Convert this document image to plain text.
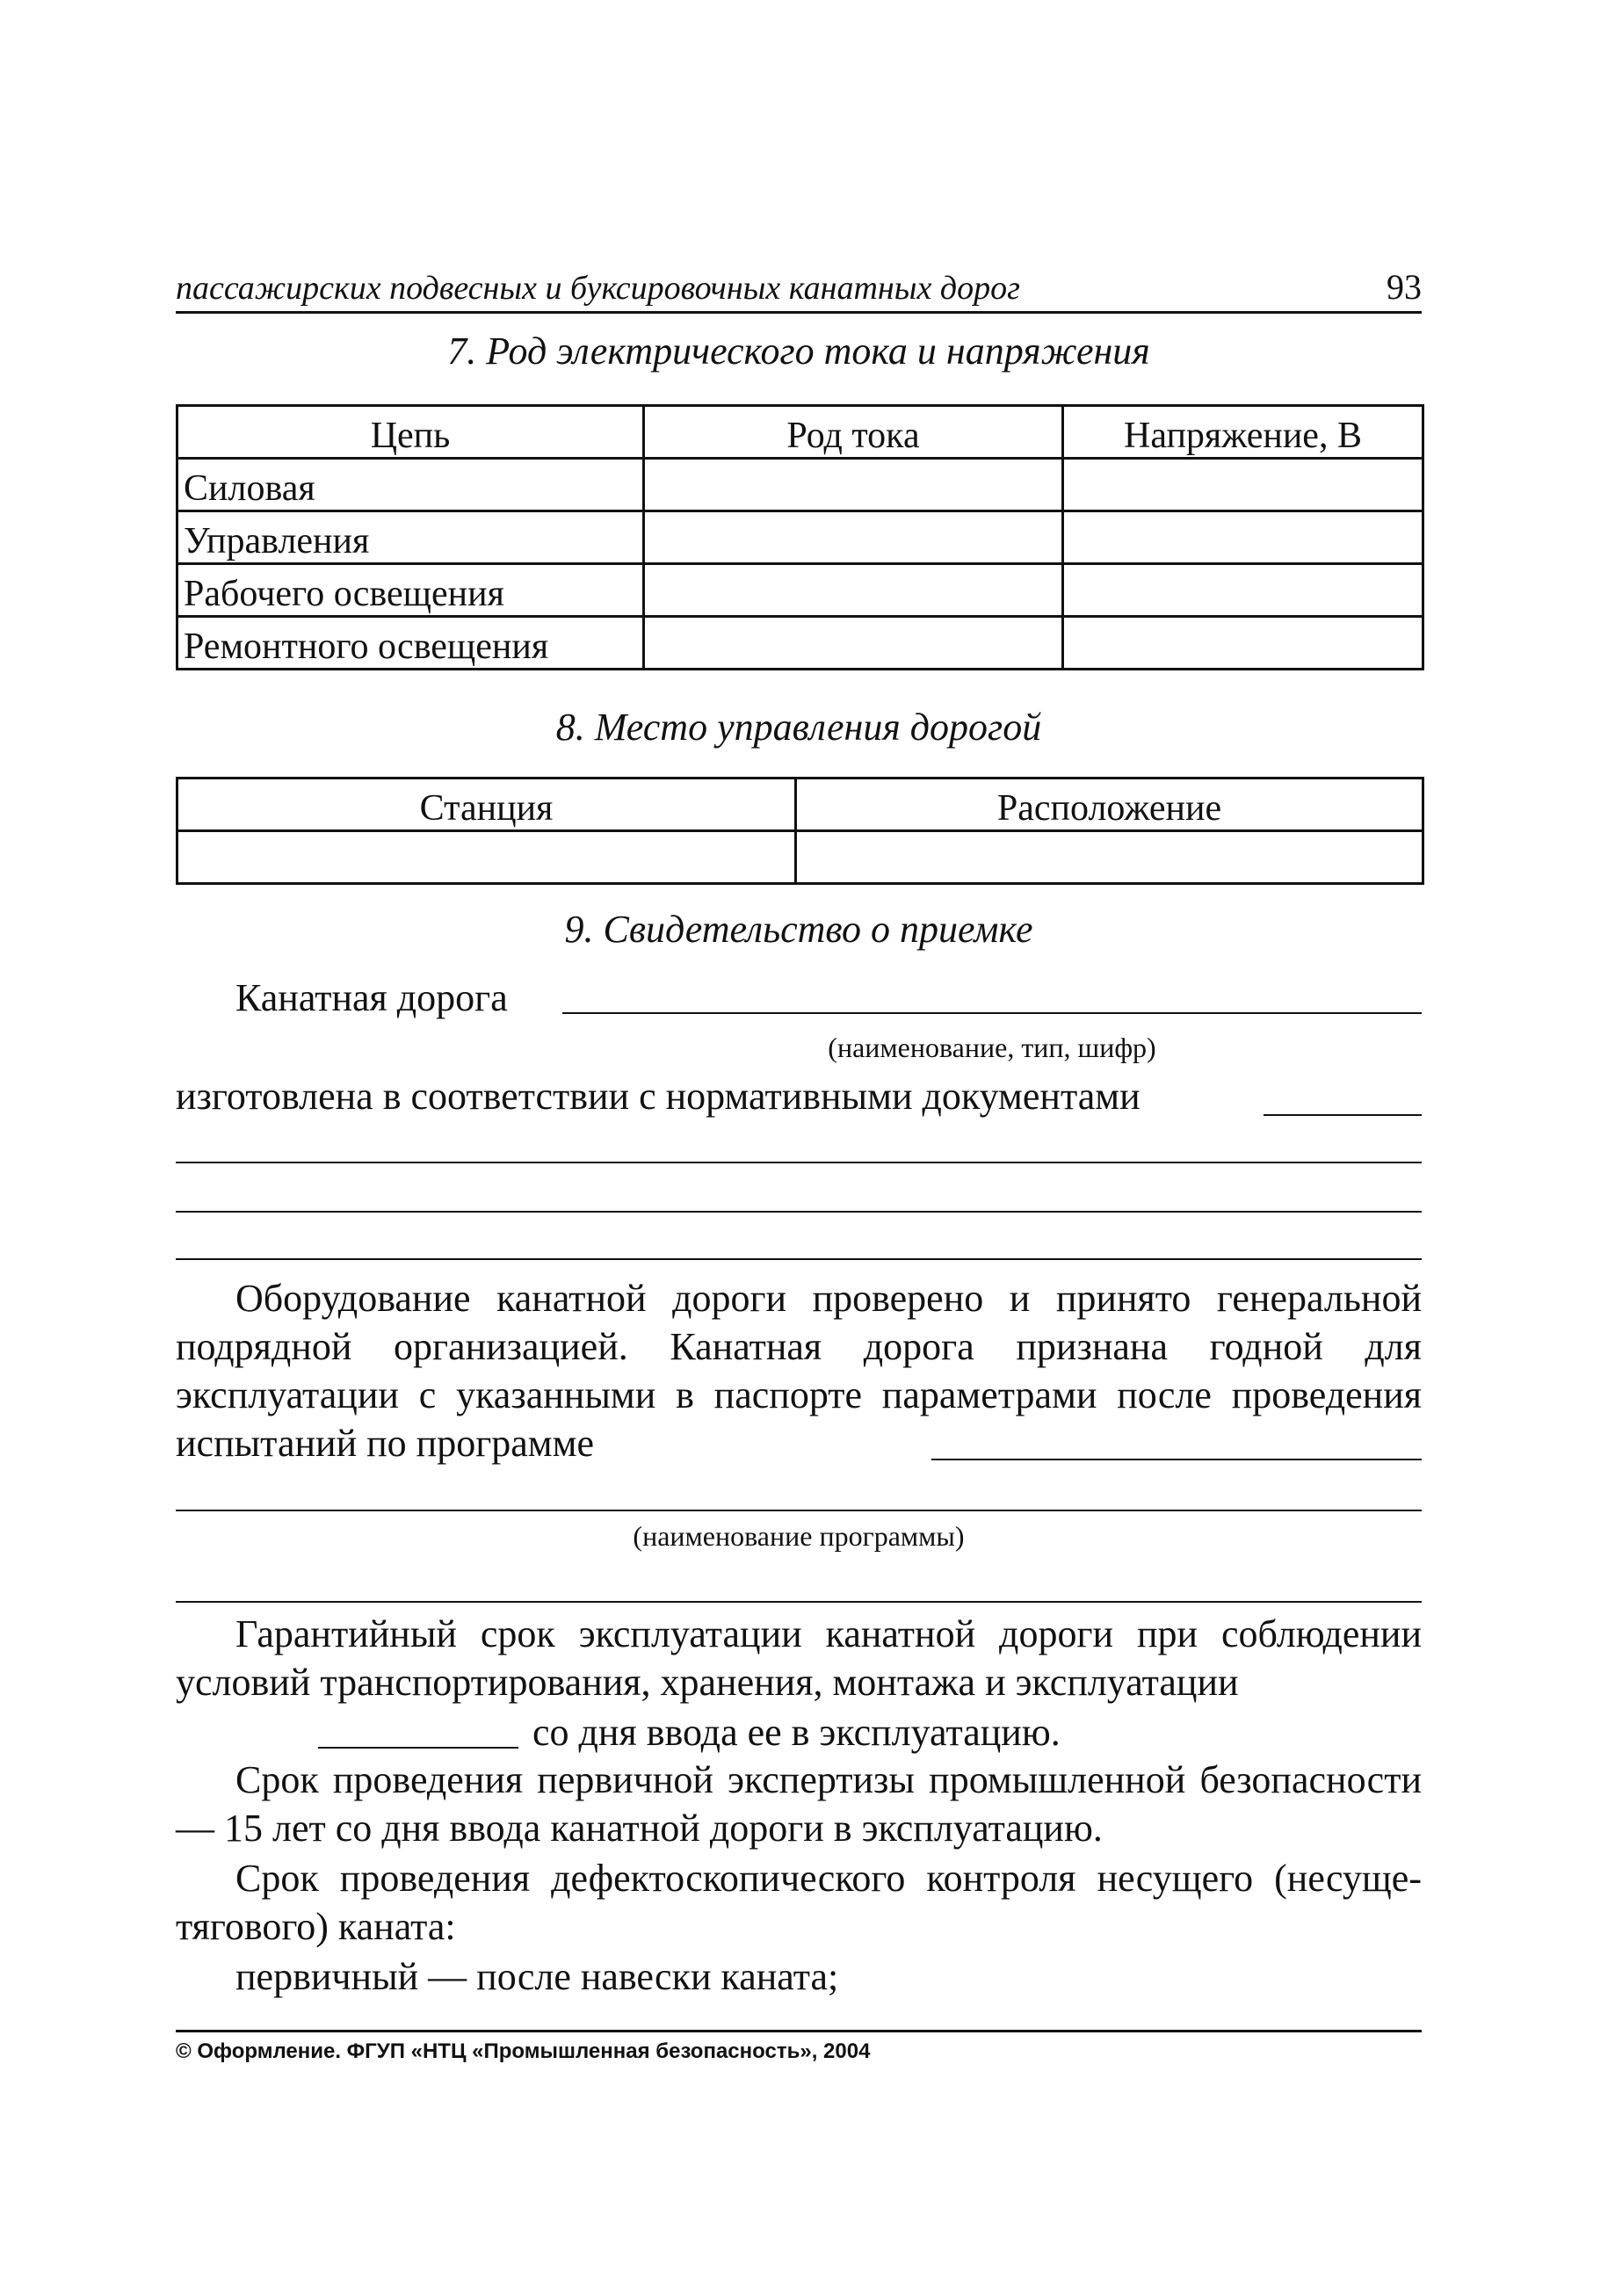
пассажирских подвесных и буксировочных канатных дорог	93
7. Род электрического тока и напряжения
Цепь	Род тока	Напряжение, В
Силовая		
Управления		
Рабочего освещения		
Ремонтного освещения		
8. Место управления дорогой
Станция	Расположение

9. Свидетельство о приемке
Канатная дорога
(наименование, тип, шифр)
изготовлена в соответствии с нормативными документами
Оборудование канатной дороги проверено и принято генеральной подрядной организацией. Канатная дорога признана годной для эксплуатации с указанными в паспорте параметрами после проведения испытаний по программе
(наименование программы)
Гарантийный срок эксплуатации канатной дороги при соблюдении условий транспортирования, хранения, монтажа и эксплуатации
со дня ввода ее в эксплуатацию.
Срок проведения первичной экспертизы промышленной безопасности — 15 лет со дня ввода канатной дороги в эксплуатацию.
Срок проведения дефектоскопического контроля несущего (несуще-тягового) каната:
первичный — после навески каната;
© Оформление. ФГУП «НТЦ «Промышленная безопасность», 2004
